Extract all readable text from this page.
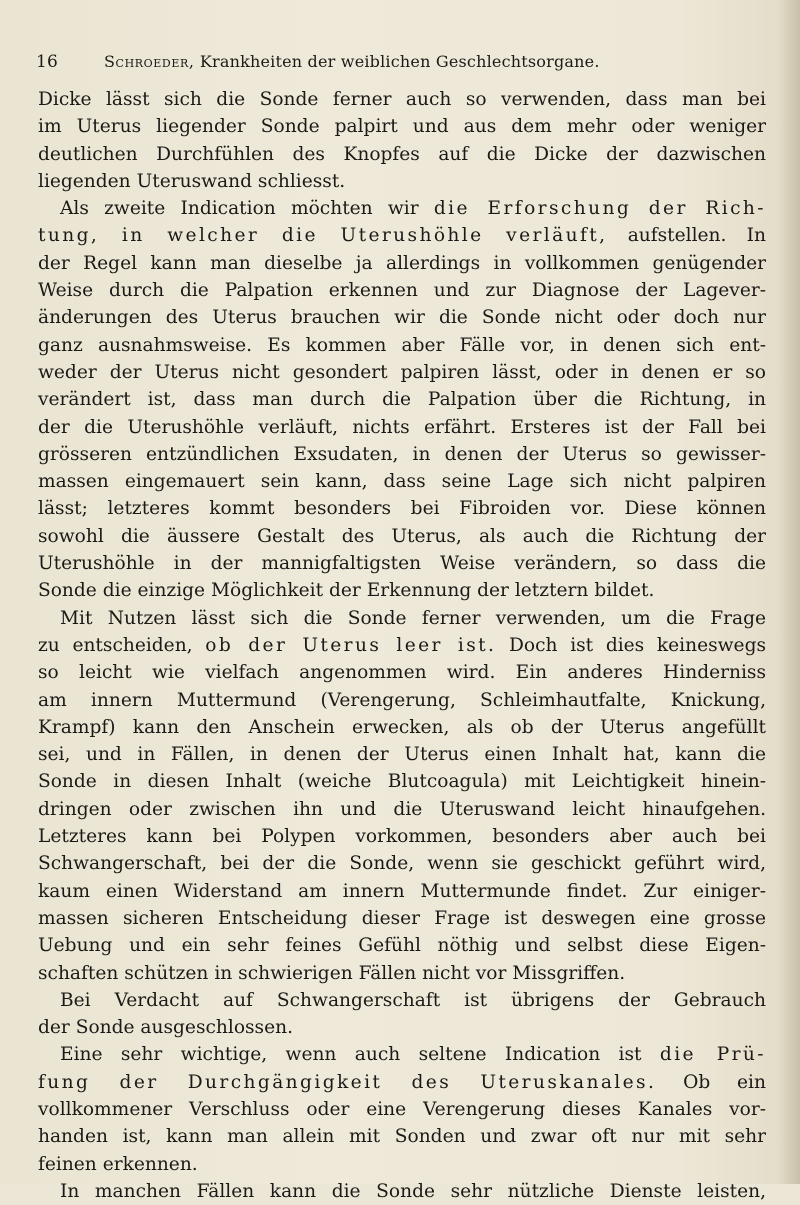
16	Schroeder, Krankheiten der weiblichen Geschlechtsorgane.
Dicke lässt sich die Sonde ferner auch so verwenden, dass man bei
im Uterus liegender Sonde palpirt und aus dem mehr oder weniger
deutlichen Durchfühlen des Knopfes auf die Dicke der dazwischen
liegenden Uteruswand schliesst.
Als zweite Indication möchten wir die Erforschung der Rich-
tung, in welcher die Uterushöhle verläuft, aufstellen. In
der Regel kann man dieselbe ja allerdings in vollkommen genügender
Weise durch die Palpation erkennen und zur Diagnose der Lagever-
änderungen des Uterus brauchen wir die Sonde nicht oder doch nur
ganz ausnahmsweise. Es kommen aber Fälle vor, in denen sich ent-
weder der Uterus nicht gesondert palpiren lässt, oder in denen er so
verändert ist, dass man durch die Palpation über die Richtung, in
der die Uterushöhle verläuft, nichts erfährt. Ersteres ist der Fall bei
grösseren entzündlichen Exsudaten, in denen der Uterus so gewisser-
massen eingemauert sein kann, dass seine Lage sich nicht palpiren
lässt; letzteres kommt besonders bei Fibroiden vor. Diese können
sowohl die äussere Gestalt des Uterus, als auch die Richtung der
Uterushöhle in der mannigfaltigsten Weise verändern, so dass die
Sonde die einzige Möglichkeit der Erkennung der letztern bildet.
Mit Nutzen lässt sich die Sonde ferner verwenden, um die Frage
zu entscheiden, ob der Uterus leer ist. Doch ist dies keineswegs
so leicht wie vielfach angenommen wird. Ein anderes Hinderniss
am innern Muttermund (Verengerung, Schleimhautfalte, Knickung,
Krampf) kann den Anschein erwecken, als ob der Uterus angefüllt
sei, und in Fällen, in denen der Uterus einen Inhalt hat, kann die
Sonde in diesen Inhalt (weiche Blutcoagula) mit Leichtigkeit hinein-
dringen oder zwischen ihn und die Uteruswand leicht hinaufgehen.
Letzteres kann bei Polypen vorkommen, besonders aber auch bei
Schwangerschaft, bei der die Sonde, wenn sie geschickt geführt wird,
kaum einen Widerstand am innern Muttermunde findet. Zur einiger-
massen sicheren Entscheidung dieser Frage ist deswegen eine grosse
Uebung und ein sehr feines Gefühl nöthig und selbst diese Eigen-
schaften schützen in schwierigen Fällen nicht vor Missgriffen.
Bei Verdacht auf Schwangerschaft ist übrigens der Gebrauch
der Sonde ausgeschlossen.
Eine sehr wichtige, wenn auch seltene Indication ist die Prü-
fung der Durchgängigkeit des Uteruskanales. Ob ein
vollkommener Verschluss oder eine Verengerung dieses Kanales vor-
handen ist, kann man allein mit Sonden und zwar oft nur mit sehr
feinen erkennen.
In manchen Fällen kann die Sonde sehr nützliche Dienste leisten,
